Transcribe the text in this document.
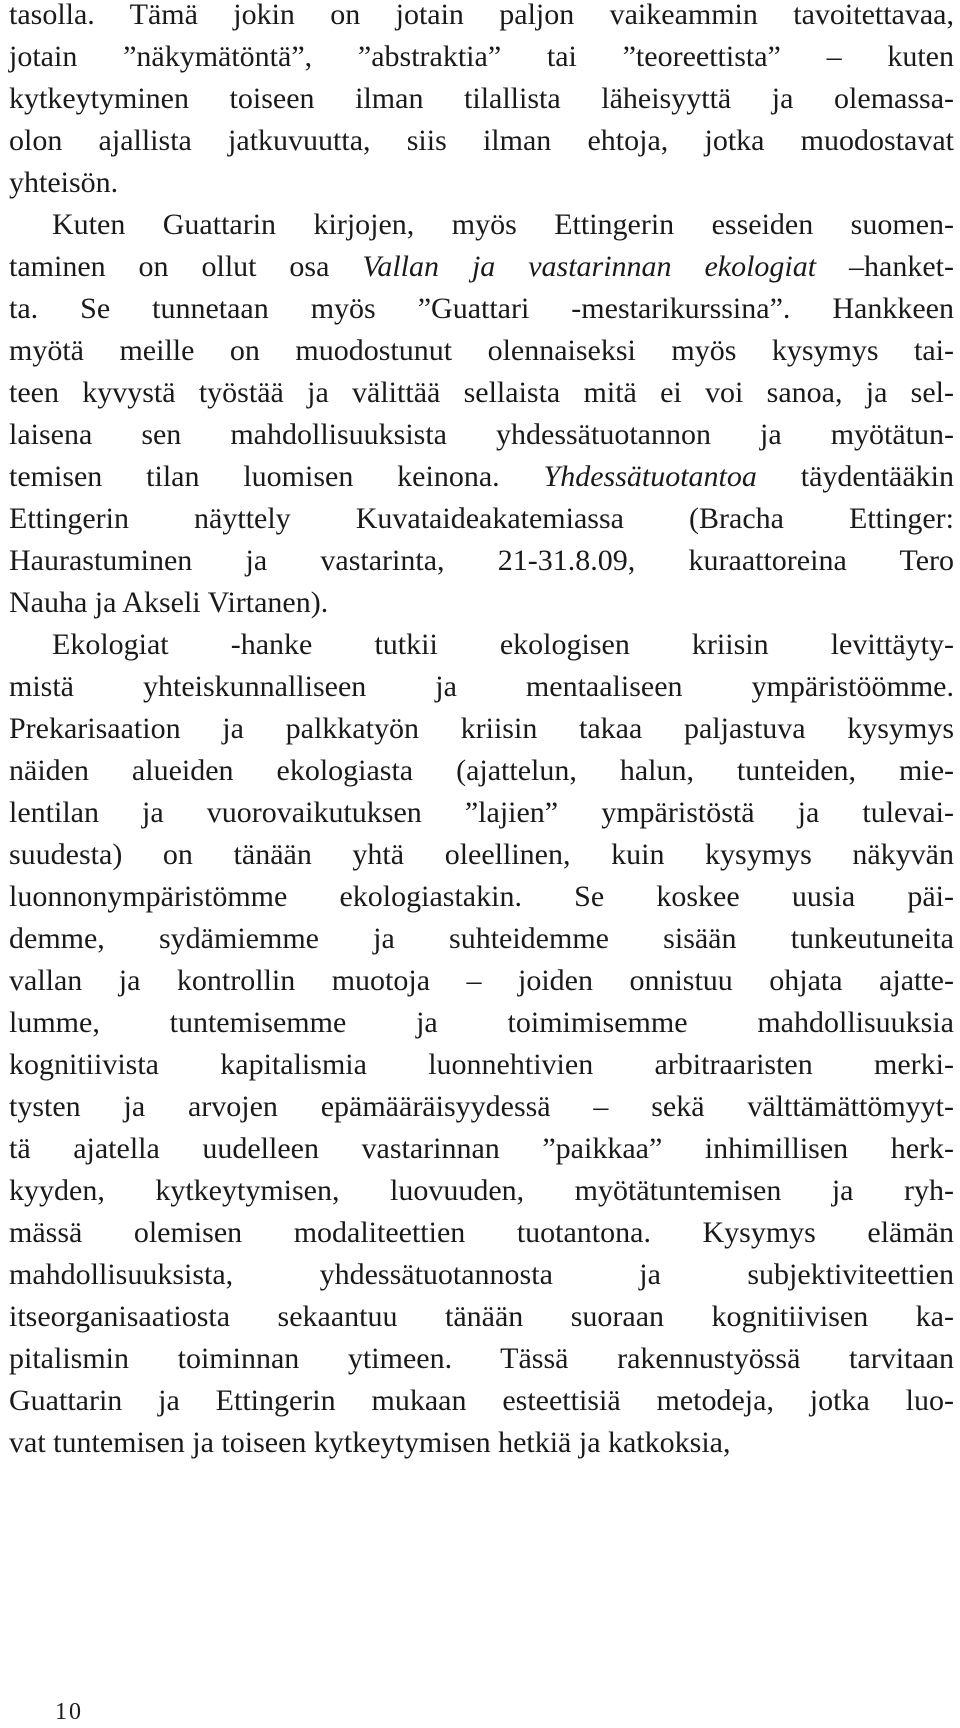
tasolla. Tämä jokin on jotain paljon vaikeammin tavoitettavaa,
jotain ”näkymätöntä”, ”abstraktia” tai ”teoreettista” – kuten
kytkeytyminen toiseen ilman tilallista läheisyyttä ja olemassa-
olon ajallista jatkuvuutta, siis ilman ehtoja, jotka muodostavat
yhteisön.
Kuten Guattarin kirjojen, myös Ettingerin esseiden suomen-
taminen on ollut osa Vallan ja vastarinnan ekologiat –hanket-
ta. Se tunnetaan myös ”Guattari -mestarikurssina”. Hankkeen
myötä meille on muodostunut olennaiseksi myös kysymys tai-
teen kyvystä työstää ja välittää sellaista mitä ei voi sanoa, ja sel-
laisena sen mahdollisuuksista yhdessätuotannon ja myötätun-
temisen tilan luomisen keinona. Yhdessätuotantoa täydentääkin
Ettingerin näyttely Kuvataideakatemiassa (Bracha Ettinger:
Haurastuminen ja vastarinta, 21-31.8.09, kuraattoreina Tero
Nauha ja Akseli Virtanen).
Ekologiat -hanke tutkii ekologisen kriisin levittäyty-
mistä yhteiskunnalliseen ja mentaaliseen ympäristöömme.
Prekarisaation ja palkkatyön kriisin takaa paljastuva kysymys
näiden alueiden ekologiasta (ajattelun, halun, tunteiden, mie-
lentilan ja vuorovaikutuksen ”lajien” ympäristöstä ja tulevai-
suudesta) on tänään yhtä oleellinen, kuin kysymys näkyvän
luonnonympäristömme ekologiastakin. Se koskee uusia päi-
demme, sydämiemme ja suhteidemme sisään tunkeutuneita
vallan ja kontrollin muotoja – joiden onnistuu ohjata ajatte-
lumme, tuntemisemme ja toimimisemme mahdollisuuksia
kognitiivista kapitalismia luonnehtivien arbitraaristen merki-
tysten ja arvojen epämääräisyydessä – sekä välttämättömyyt-
tä ajatella uudelleen vastarinnan ”paikkaa” inhimillisen herk-
kyyden, kytkeytymisen, luovuuden, myötätuntemisen ja ryh-
mässä olemisen modaliteettien tuotantona. Kysymys elämän
mahdollisuuksista, yhdessätuotannosta ja subjektiviteettien
itseorganisaatiosta sekaantuu tänään suoraan kognitiivisen ka-
pitalismin toiminnan ytimeen. Tässä rakennustyössä tarvitaan
Guattarin ja Ettingerin mukaan esteettisiä metodeja, jotka luo-
vat tuntemisen ja toiseen kytkeytymisen hetkiä ja katkoksia,
10
